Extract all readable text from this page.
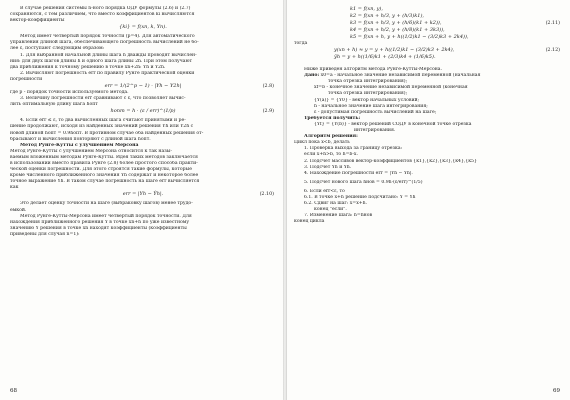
В случае решения системы n-ного порядка ОДУ формулы (2.6) и (2.7)
сохраняются, с тем различием, что вместо коэффициентов ki вычисляются
вектор-коэффициенты
{ki} = f(xn, k, Yn).
Метод имеет четвертый порядок точности (p=4). Для автоматического
управления длиной шага, обеспечивающего погрешность вычислений не бо-
лее ε, поступают следующим образом:
1. Для выбранной начальной длины шага h дважды проводят вычислен-
ния: для двух шагов длины h и одного шага длины 2h. При этом получают
два приближения к точному решению в точке xn+2h: Yh и Y2h.
2. Вычисляют погрешность err по правилу Рунге практической оценки
погрешности
err = 1/(2^p − 1) · |Yh − Y2h|	(2.8)
где p - порядок точности используемого метода.
3. Величину погрешности err сравнивают с ε, что позволяет вычис-
лить оптимальную длину шага hопт
hопт = h · (ε / err)^(1/p)	(2.9)
4. Если err ≤ ε, то два вычисленных шага считают принятыми и ре-
шение продолжают, исходя из найденных значений решения Yh или Y2h с
новой длиной hопт = 0.9hопт. В противном случае оба найденных решения от-
брасывают и вычисления повторяют с длиной шага hопт.
Метод Рунге-Кутты с улучшением Мерсона
Метод Рунге-Кутты с улучшением Мерсона относится к так назы-
ваемым вложенным методам Рунге-Кутты. Идея таких методов заключается
в использовании вместо правила Рунге (2.8) более простого способа практи-
ческой оценки погрешности. Для этого строятся такие формулы, которые
кроме численного приближенного значения Yh содержат и некоторое более
точное выражение Ŷh. В таком случае погрешность на шаге err вычисляется
как
err = |Yh − Ŷh|.	(2.10)
Это делает оценку точности на шаге (выбраковку шагов) менее трудо-
емкой.
Метод Рунге-Кутты-Мерсона имеет четвертый порядок точности. Для
нахождения приближенного решения Y в точке xn+h по уже известному
значению Y решения в точке xn находят коэффициенты (коэффициенты
приведены для случая n=1):
68
k1 = f(xn, y),
k2 = f(xn + h/3, y + (h/3)k1),
k3 = f(xn + h/3, y + (h/6)(k1 + k2)),	(2.11)
k4 = f(xn + h/2, y + (h/8)(k1 + 3k3)),
k5 = f(xn + h, y + h((1/2)k1 − (3/2)k3 + 2k4)),
тогда
y(xn + h) ≈ y = y + h((1/2)k1 − (3/2)k3 + 2k4),	(2.12)
ŷh = y + h((1/6)k1 + (2/3)k4 + (1/6)k5).
Ниже приведен алгоритм метода Рунге-Кутты-Мерсона.
Дано: x0=a - начальное значение независимой переменной (начальная
точка отрезка интегрирования);
xf=b - конечное значение независимой переменной (конечная
точка отрезка интегрирования);
{Y(a)} = {Y0} - вектор начальных условий;
h - начальное значение шага интегрирования;
ε - допустимая погрешность вычислений на шаге;
Требуется получить:
{Yf} = {Y(b)} - вектор решений СОДУ в конечной точке отрезка
интегрирования.
Алгоритм решения:
Цикл пока x<b, делать
1. Проверка выхода за границу отрезка:
если x+h>b, то h=b-x.
2. Подсчет массивов вектор-коэффициентов {k1},{k2},{k3},{k4},{k5}
3. Подсчет Yh и Ŷh.
4. Нахождение погрешности err = |Yh − Ŷh|.
5. Подсчет нового шага hнов = 0.9h·(ε/err)^(1/5)
6. Если err<ε, то
6.1. В точке x+h решение подсчитано: Y = Yh
6.2. Сдвиг на шаг: x=x+h.
конец "если".
7. Изменение шага: h=hнов
конец цикла
69
